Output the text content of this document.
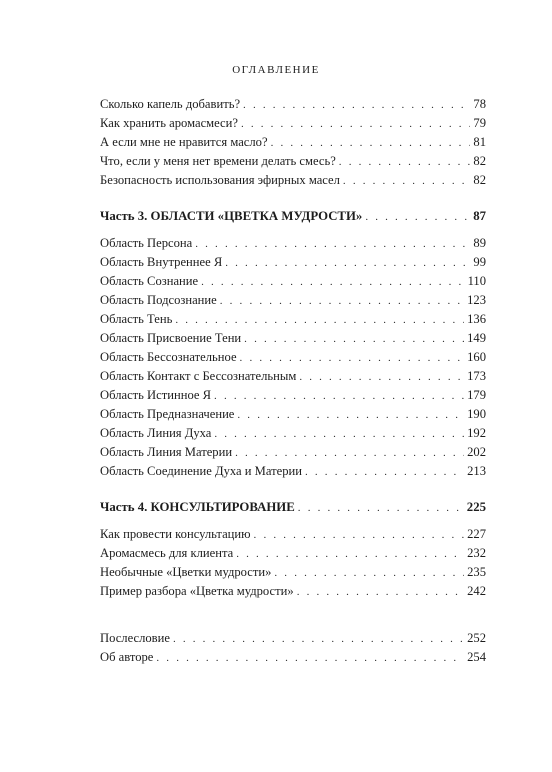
ОГЛАВЛЕНИЕ
Сколько капель добавить? . . .	78
Как хранить аромасмеси? . . .	79
А если мне не нравится масло? . . .	81
Что, если у меня нет времени делать смесь? . . .	82
Безопасность использования эфирных масел . . .	82
Часть 3. ОБЛАСТИ «ЦВЕТКА МУДРОСТИ» . . .	87
Область Персона . . .	89
Область Внутреннее Я . . .	99
Область Сознание . . .	110
Область Подсознание . . .	123
Область Тень . . .	136
Область Присвоение Тени . . .	149
Область Бессознательное . . .	160
Область Контакт с Бессознательным . . .	173
Область Истинное Я . . .	179
Область Предназначение . . .	190
Область Линия Духа . . .	192
Область Линия Материи . . .	202
Область Соединение Духа и Материи . . .	213
Часть 4. КОНСУЛЬТИРОВАНИЕ . . .	225
Как провести консультацию . . .	227
Аромасмесь для клиента . . .	232
Необычные «Цветки мудрости» . . .	235
Пример разбора «Цветка мудрости» . . .	242
Послесловие . . .	252
Об авторе . . .	254
